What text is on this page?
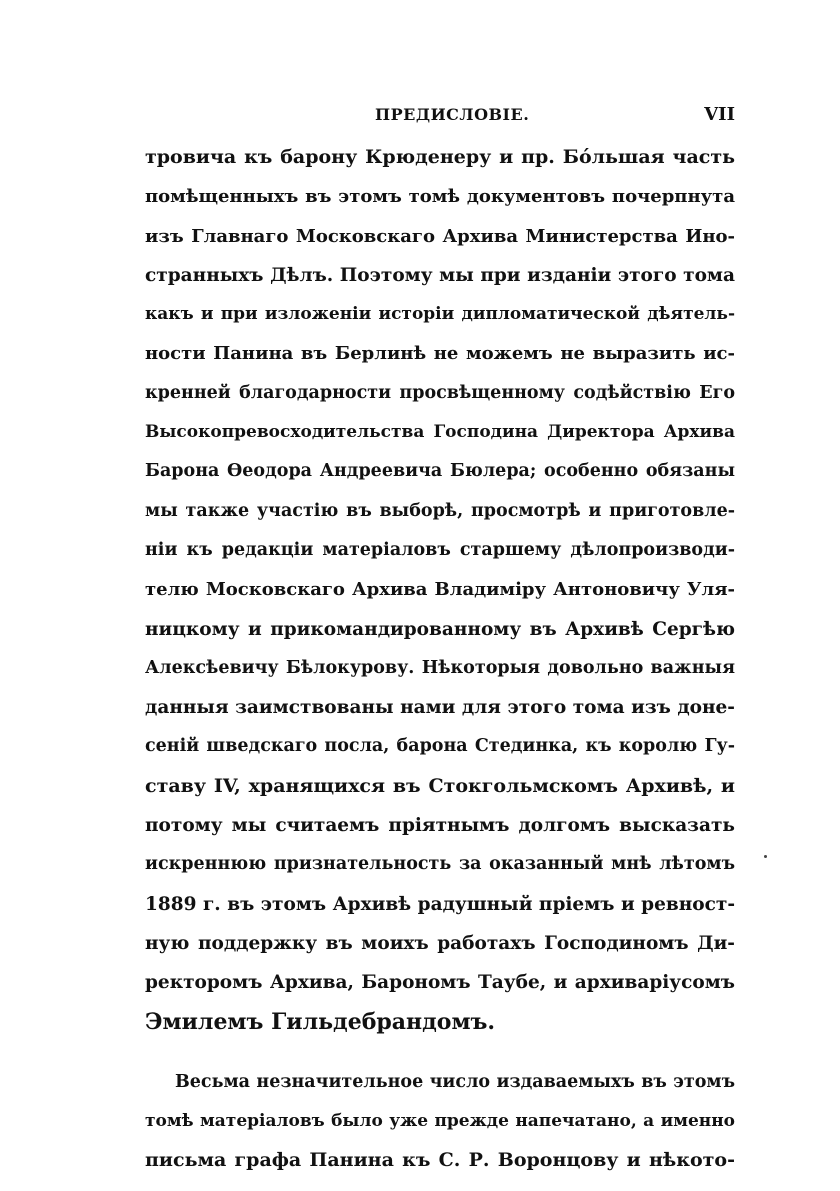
ПРЕДИСЛОВІЕ.	VII
тровича къ барону Крюденеру и пр. Бо́льшая часть
помѣщенныхъ въ этомъ томѣ документовъ почерпнута
изъ Главнаго Московскаго Архива Министерства Ино-
странныхъ Дѣлъ. Поэтому мы при изданіи этого тома
какъ и при изложеніи исторіи дипломатической дѣятель-
ности Панина въ Берлинѣ не можемъ не выразить ис-
кренней благодарности просвѣщенному содѣйствію Его
Высокопревосходительства Господина Директора Архива
Барона Ѳеодора Андреевича Бюлера; особенно обязаны
мы также участію въ выборѣ, просмотрѣ и приготовле-
ніи къ редакціи матеріаловъ старшему дѣлопроизводи-
телю Московскаго Архива Владиміру Антоновичу Уля-
ницкому и прикомандированному въ Архивѣ Сергѣю
Алексѣевичу Бѣлокурову. Нѣкоторыя довольно важныя
данныя заимствованы нами для этого тома изъ доне-
сеній шведскаго посла, барона Стединка, къ королю Гу-
ставу IV, хранящихся въ Стокгольмскомъ Архивѣ, и
потому мы считаемъ пріятнымъ долгомъ высказать
искреннюю признательность за оказанный мнѣ лѣтомъ
1889 г. въ этомъ Архивѣ радушный пріемъ и ревност-
ную поддержку въ моихъ работахъ Господиномъ Ди-
ректоромъ Архива, Барономъ Таубе, и архиваріусомъ
Эмилемъ Гильдебрандомъ.
Весьма незначительное число издаваемыхъ въ этомъ
томѣ матеріаловъ было уже прежде напечатано, а именно
письма графа Панина къ С. Р. Воронцову и нѣкото-
